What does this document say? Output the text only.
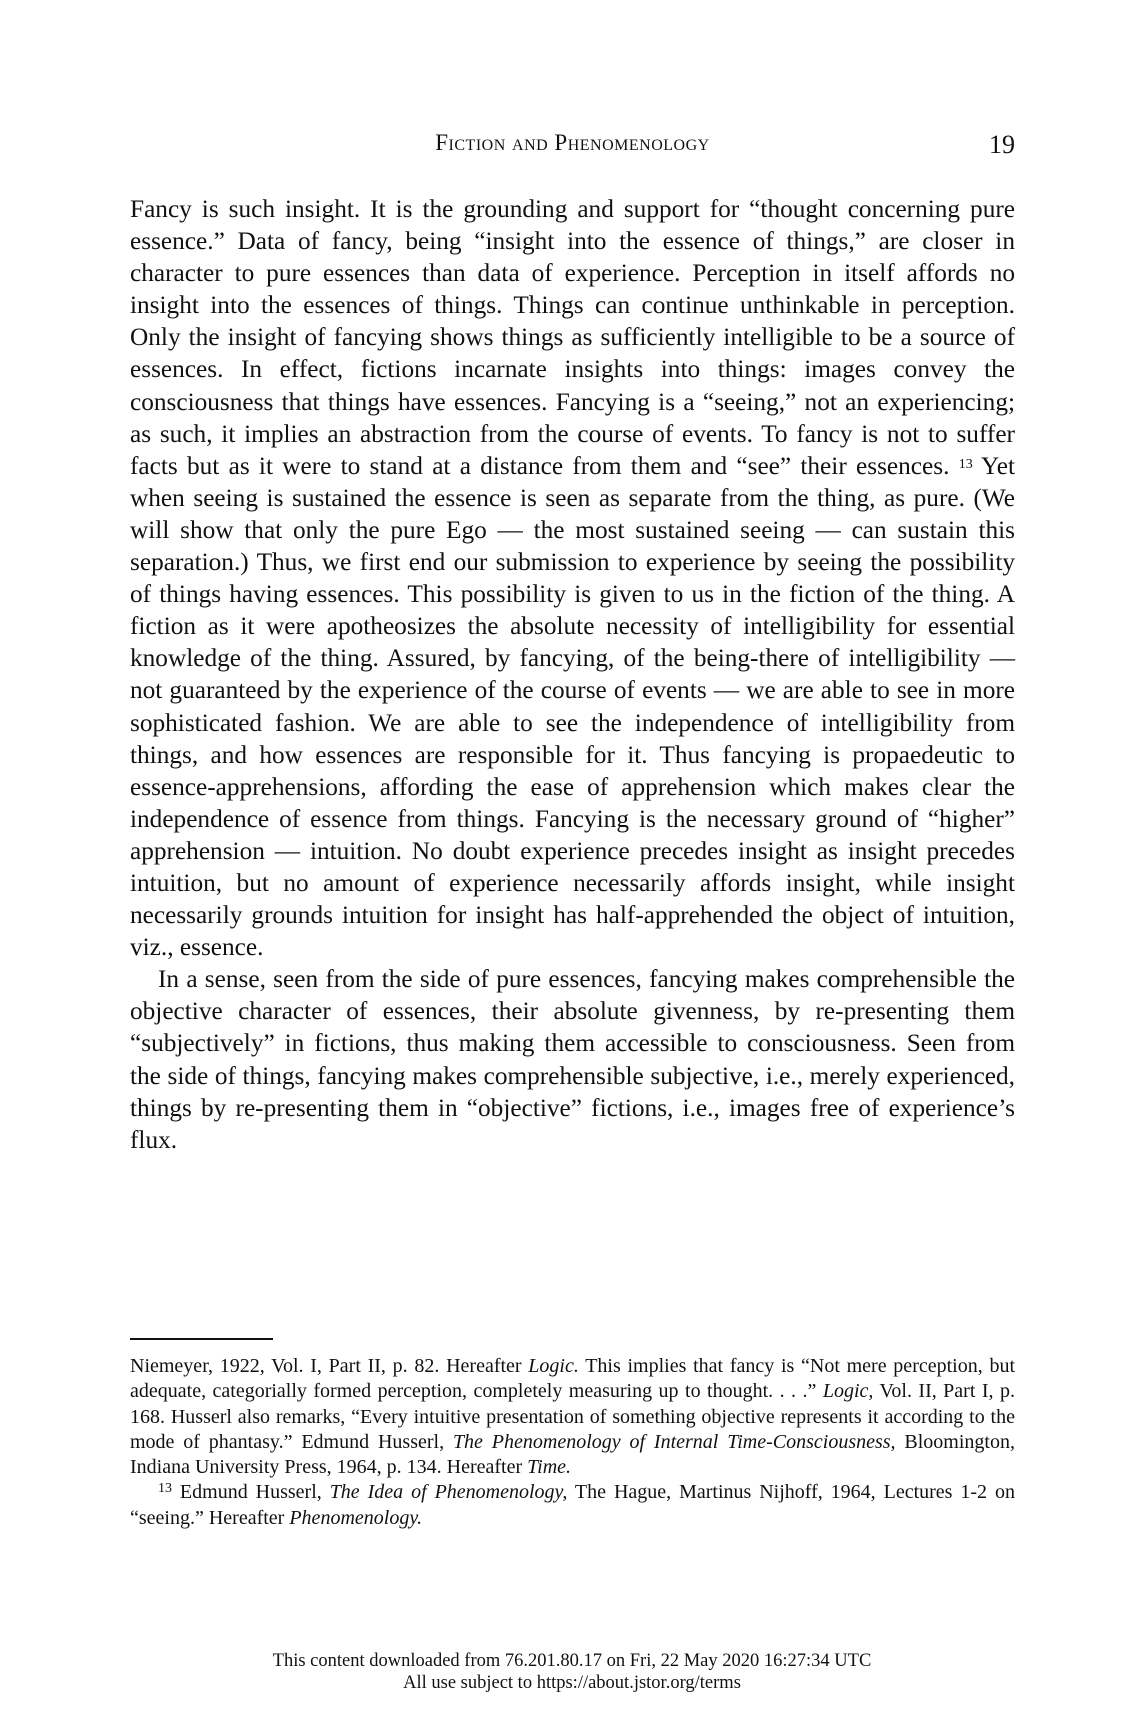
Fiction and Phenomenology	19

Fancy is such insight. It is the grounding and support for “thought concerning pure essence.” Data of fancy, being “insight into the essence of things,” are closer in character to pure essences than data of experience. Perception in itself affords no insight into the essences of things. Things can continue unthinkable in perception. Only the insight of fancying shows things as sufficiently intelligible to be a source of essences. In effect, fictions incarnate insights into things: images convey the consciousness that things have essences. Fancying is a “seeing,” not an experiencing; as such, it implies an abstraction from the course of events. To fancy is not to suffer facts but as it were to stand at a distance from them and “see” their essences. $^{13}$ Yet when seeing is sustained the essence is seen as separate from the thing, as pure. (We will show that only the pure Ego — the most sustained seeing — can sustain this separation.) Thus, we first end our submission to experience by seeing the possibility of things having essences. This possibility is given to us in the fiction of the thing. A fiction as it were apotheosizes the absolute necessity of intelligibility for essential knowledge of the thing. Assured, by fancying, of the being-there of intelligibility — not guaranteed by the experience of the course of events — we are able to see in more sophisticated fashion. We are able to see the independence of intelligibility from things, and how essences are responsible for it. Thus fancying is propaedeutic to essence-apprehensions, affording the ease of apprehension which makes clear the independence of essence from things. Fancying is the necessary ground of “higher” apprehension — intuition. No doubt experience precedes insight as insight precedes intuition, but no amount of experience necessarily affords insight, while insight necessarily grounds intuition for insight has half-apprehended the object of intuition, viz., essence.

In a sense, seen from the side of pure essences, fancying makes comprehensible the objective character of essences, their absolute givenness, by re-presenting them “subjectively” in fictions, thus making them accessible to consciousness. Seen from the side of things, fancying makes comprehensible subjective, i.e., merely experienced, things by re-presenting them in “objective” fictions, i.e., images free of experience’s flux.

Niemeyer, 1922, Vol. I, Part II, p. 82. Hereafter Logic. This implies that fancy is “Not mere perception, but adequate, categorially formed perception, completely measuring up to thought. . . .” Logic, Vol. II, Part I, p. 168. Husserl also remarks, “Every intuitive presentation of something objective represents it according to the mode of phantasy.” Edmund Husserl, The Phenomenology of Internal Time-Consciousness, Bloomington, Indiana University Press, 1964, p. 134. Hereafter Time.

$^{13}$ Edmund Husserl, The Idea of Phenomenology, The Hague, Martinus Nijhoff, 1964, Lectures 1-2 on “seeing.” Hereafter Phenomenology.

This content downloaded from 76.201.80.17 on Fri, 22 May 2020 16:27:34 UTC
All use subject to https://about.jstor.org/terms
